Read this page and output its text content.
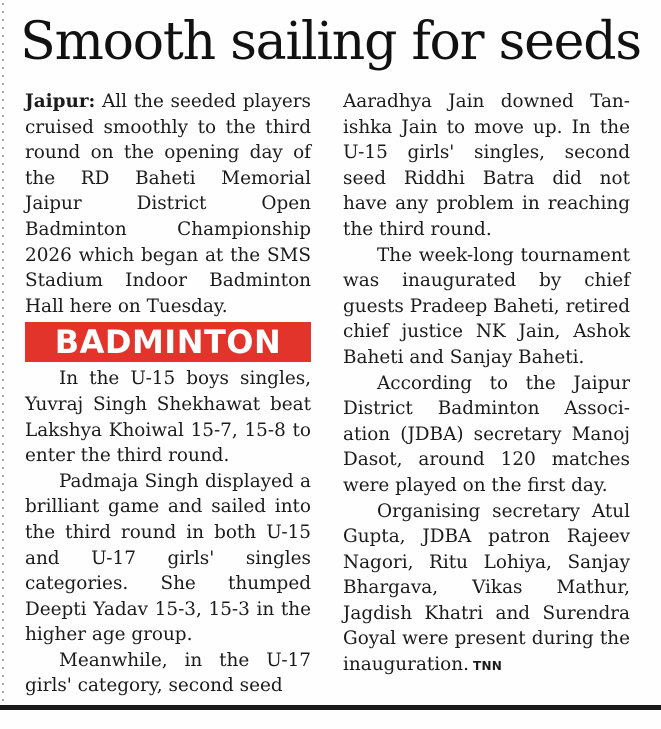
Smooth sailing for seeds

Jaipur: All the seeded players cruised smoothly to the third round on the opening day of the RD Baheti Memorial Jaipur District Open Badminton Championship 2026 which began at the SMS Stadium Indoor Badminton Hall here on Tuesday.

BADMINTON

In the U-15 boys singles, Yuvraj Singh Shekhawat beat Lakshya Khoiwal 15-7, 15-8 to enter the third round.

Padmaja Singh displayed a brilliant game and sailed into the third round in both U-15 and U-17 girls' singles categories. She thumped Deepti Yadav 15-3, 15-3 in the higher age group.

Meanwhile, in the U-17 girls' category, second seed

Aaradhya Jain downed Tanishka Jain to move up. In the U-15 girls' singles, second seed Riddhi Batra did not have any problem in reaching the third round.

The week-long tournament was inaugurated by chief guests Pradeep Baheti, retired chief justice NK Jain, Ashok Baheti and Sanjay Baheti.

According to the Jaipur District Badminton Association (JDBA) secretary Manoj Dasot, around 120 matches were played on the first day.

Organising secretary Atul Gupta, JDBA patron Rajeev Nagori, Ritu Lohiya, Sanjay Bhargava, Vikas Mathur, Jagdish Khatri and Surendra Goyal were present during the inauguration. TNN
